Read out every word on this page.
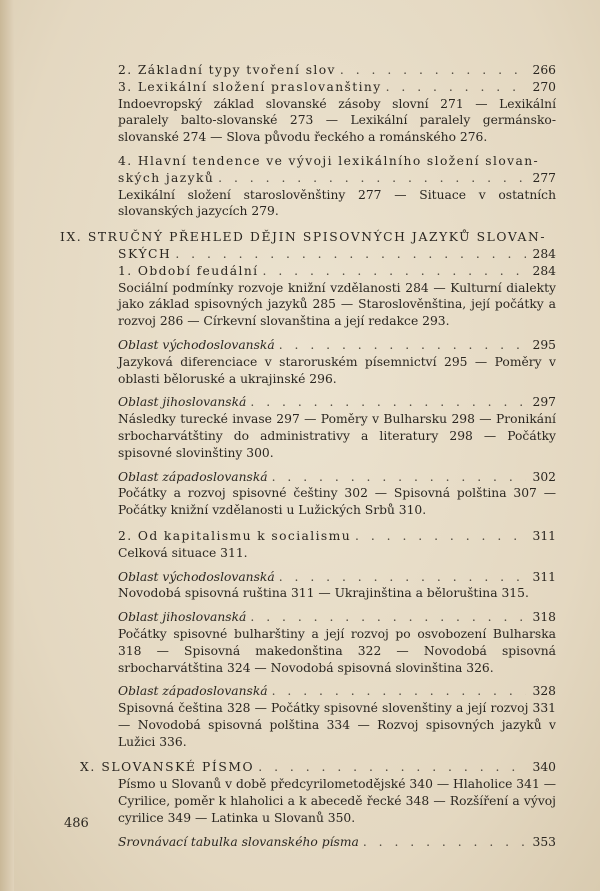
2. Základní typy tvoření slov . . .	266
3. Lexikální složení praslovanštiny . . .	270
Indoevropský základ slovanské zásoby slovní 271 — Lexikální paralely balto-slovanské 273 — Lexikální paralely germánsko-slovanské 274 — Slova původu řeckého a románského 276.
4. Hlavní tendence ve vývoji lexikálního složení slovan-
ských jazyků . . .	277
Lexikální složení staroslověnštiny 277 — Situace v ostatních slovanských jazycích 279.
IX. STRUČNÝ PŘEHLED DĚJIN SPISOVNÝCH JAZYKŮ SLOVAN-
SKÝCH . . .	284
1. Období feudální . . .	284
Sociální podmínky rozvoje knižní vzdělanosti 284 — Kulturní dialekty jako základ spisovných jazyků 285 — Staroslověnština, její počátky a rozvoj 286 — Církevní slovanština a její redakce 293.
Oblast východoslovanská . . .	295
Jazyková diferenciace v staroruském písemnictví 295 — Poměry v oblasti běloruské a ukrajinské 296.
Oblast jihoslovanská . . .	297
Následky turecké invase 297 — Poměry v Bulharsku 298 — Pronikání srbocharvátštiny do administrativy a literatury 298 — Počátky spisovné slovinštiny 300.
Oblast západoslovanská . . .	302
Počátky a rozvoj spisovné češtiny 302 — Spisovná polština 307 — Počátky knižní vzdělanosti u Lužických Srbů 310.
2. Od kapitalismu k socialismu . . .	311
Celková situace 311.
Oblast východoslovanská . . .	311
Novodobá spisovná ruština 311 — Ukrajinština a běloruština 315.
Oblast jihoslovanská . . .	318
Počátky spisovné bulharštiny a její rozvoj po osvobození Bulharska 318 — Spisovná makedonština 322 — Novodobá spisovná srbocharvátština 324 — Novodobá spisovná slovinština 326.
Oblast západoslovanská . . .	328
Spisovná čeština 328 — Počátky spisovné slovenštiny a její rozvoj 331 — Novodobá spisovná polština 334 — Rozvoj spisovných jazyků v Lužici 336.
X. SLOVANSKÉ PÍSMO . . .	340
Písmo u Slovanů v době předcyrilometodějské 340 — Hlaholice 341 — Cyrilice, poměr k hlaholici a k abecedě řecké 348 — Rozšíření a vývoj cyrilice 349 — Latinka u Slovanů 350.
Srovnávací tabulka slovanského písma . . .	353
486
